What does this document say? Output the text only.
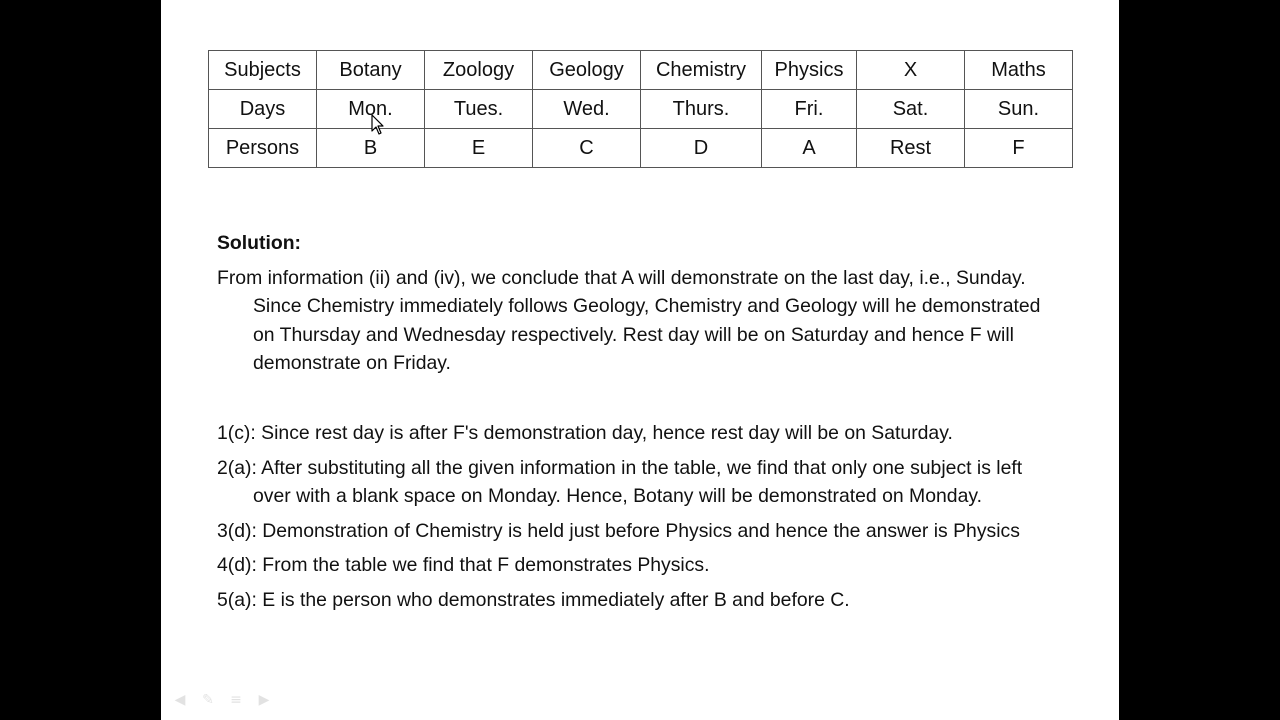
Subjects	Botany	Zoology	Geology	Chemistry	Physics	X	Maths
Days	Mon.	Tues.	Wed.	Thurs.	Fri.	Sat.	Sun.
Persons	B	E	C	D	A	Rest	F
Solution:

From information (ii) and (iv), we conclude that A will demonstrate on the last day, i.e., Sunday. Since Chemistry immediately follows Geology, Chemistry and Geology will he demonstrated on Thursday and Wednesday respectively. Rest day will be on Saturday and hence F will demonstrate on Friday.

1(c): Since rest day is after F's demonstration day, hence rest day will be on Saturday.

2(a): After substituting all the given information in the table, we find that only one subject is left over with a blank space on Monday. Hence, Botany will be demonstrated on Monday.

3(d): Demonstration of Chemistry is held just before Physics and hence the answer is Physics

4(d): From the table we find that F demonstrates Physics.

5(a): E is the person who demonstrates immediately after B and before C.

◀ ✎ ≡ ▶
